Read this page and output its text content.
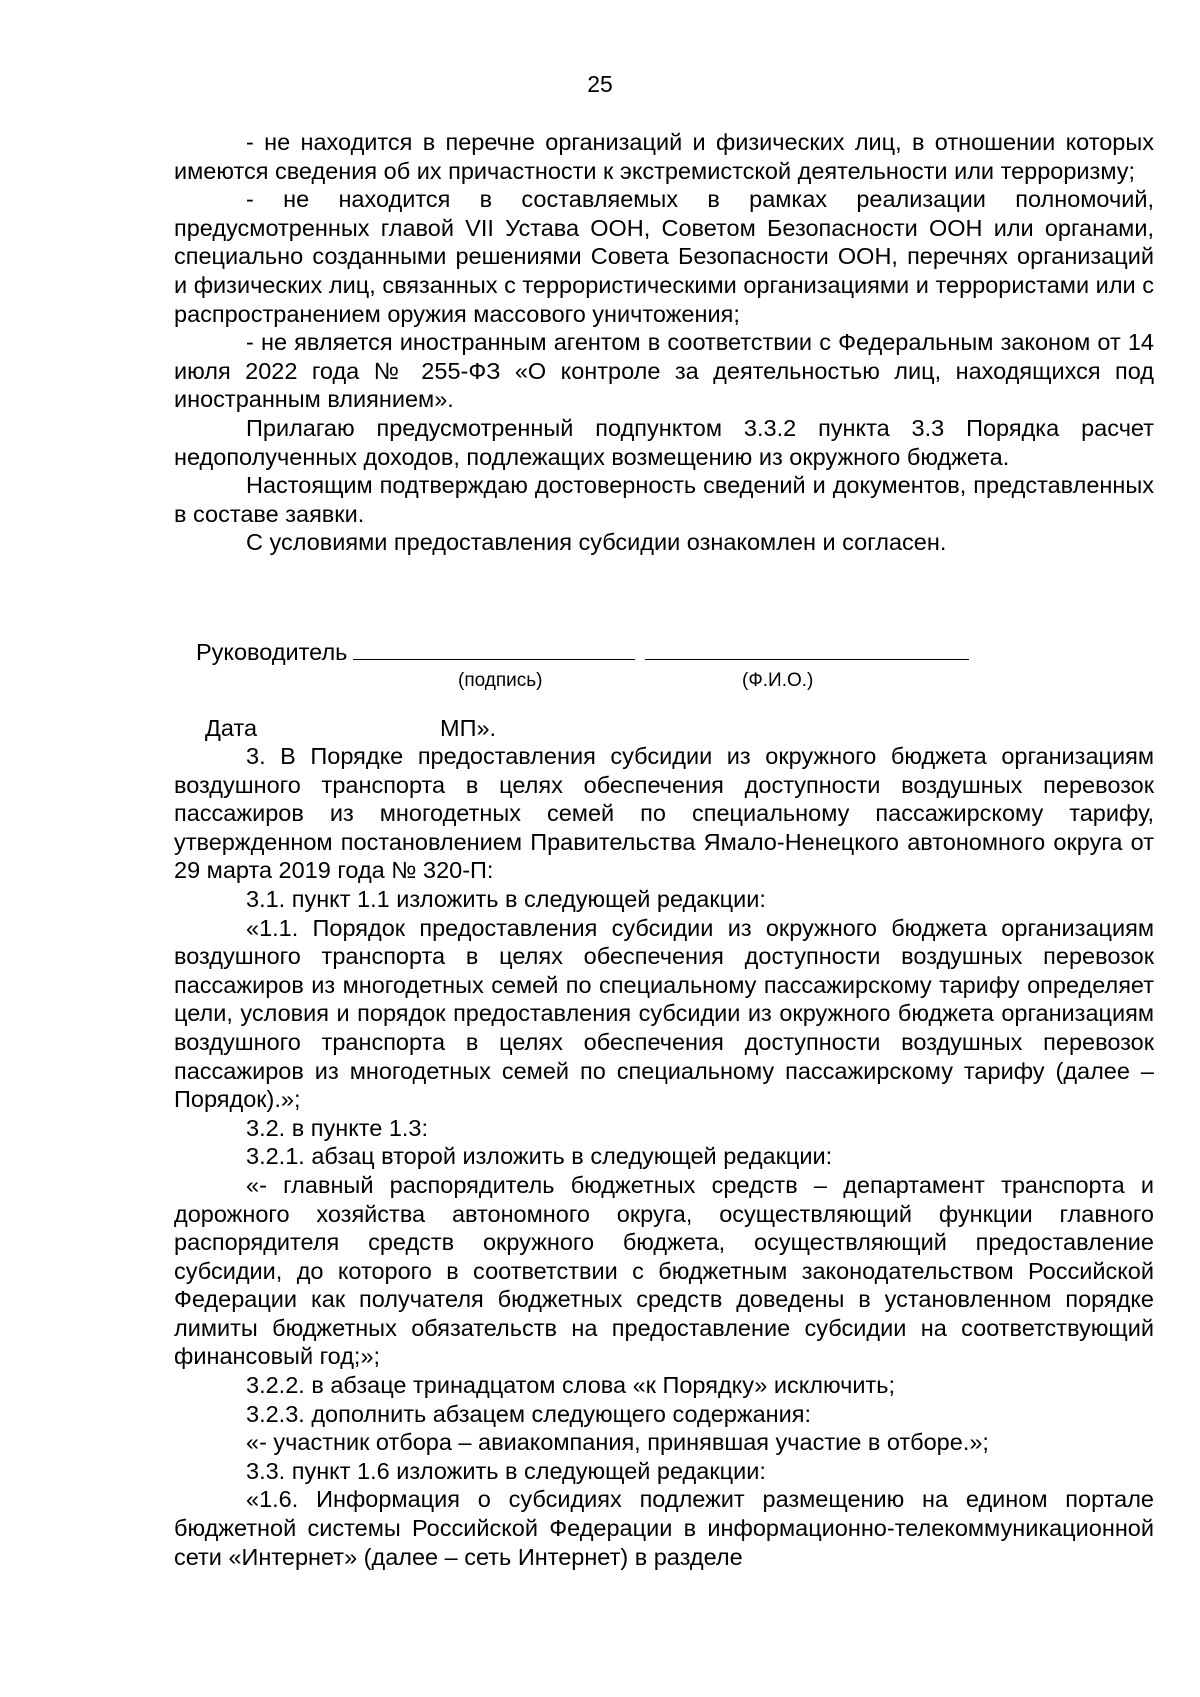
25

- не находится в перечне организаций и физических лиц, в отношении которых имеются сведения об их причастности к экстремистской деятельности или терроризму;

- не находится в составляемых в рамках реализации полномочий, предусмотренных главой VII Устава ООН, Советом Безопасности ООН или органами, специально созданными решениями Совета Безопасности ООН, перечнях организаций и физических лиц, связанных с террористическими организациями и террористами или с распространением оружия массового уничтожения;

- не является иностранным агентом в соответствии с Федеральным законом от 14 июля 2022 года № 255-ФЗ «О контроле за деятельностью лиц, находящихся под иностранным влиянием».

Прилагаю предусмотренный подпунктом 3.3.2 пункта 3.3 Порядка расчет недополученных доходов, подлежащих возмещению из окружного бюджета.

Настоящим подтверждаю достоверность сведений и документов, представленных в составе заявки.

С условиями предоставления субсидии ознакомлен и согласен.

Руководитель
(подпись)	(Ф.И.О.)
Дата	МП».

3. В Порядке предоставления субсидии из окружного бюджета организациям воздушного транспорта в целях обеспечения доступности воздушных перевозок пассажиров из многодетных семей по специальному пассажирскому тарифу, утвержденном постановлением Правительства Ямало-Ненецкого автономного округа от 29 марта 2019 года № 320-П:

3.1. пункт 1.1 изложить в следующей редакции:

«1.1. Порядок предоставления субсидии из окружного бюджета организациям воздушного транспорта в целях обеспечения доступности воздушных перевозок пассажиров из многодетных семей по специальному пассажирскому тарифу определяет цели, условия и порядок предоставления субсидии из окружного бюджета организациям воздушного транспорта в целях обеспечения доступности воздушных перевозок пассажиров из многодетных семей по специальному пассажирскому тарифу (далее – Порядок).»;

3.2. в пункте 1.3:

3.2.1. абзац второй изложить в следующей редакции:

«- главный распорядитель бюджетных средств – департамент транспорта и дорожного хозяйства автономного округа, осуществляющий функции главного распорядителя средств окружного бюджета, осуществляющий предоставление субсидии, до которого в соответствии с бюджетным законодательством Российской Федерации как получателя бюджетных средств доведены в установленном порядке лимиты бюджетных обязательств на предоставление субсидии на соответствующий финансовый год;»;

3.2.2. в абзаце тринадцатом слова «к Порядку» исключить;

3.2.3. дополнить абзацем следующего содержания:

«- участник отбора – авиакомпания, принявшая участие в отборе.»;

3.3. пункт 1.6 изложить в следующей редакции:

«1.6. Информация о субсидиях подлежит размещению на едином портале бюджетной системы Российской Федерации в информационно-телекоммуникационной сети «Интернет» (далее – сеть Интернет) в разделе
